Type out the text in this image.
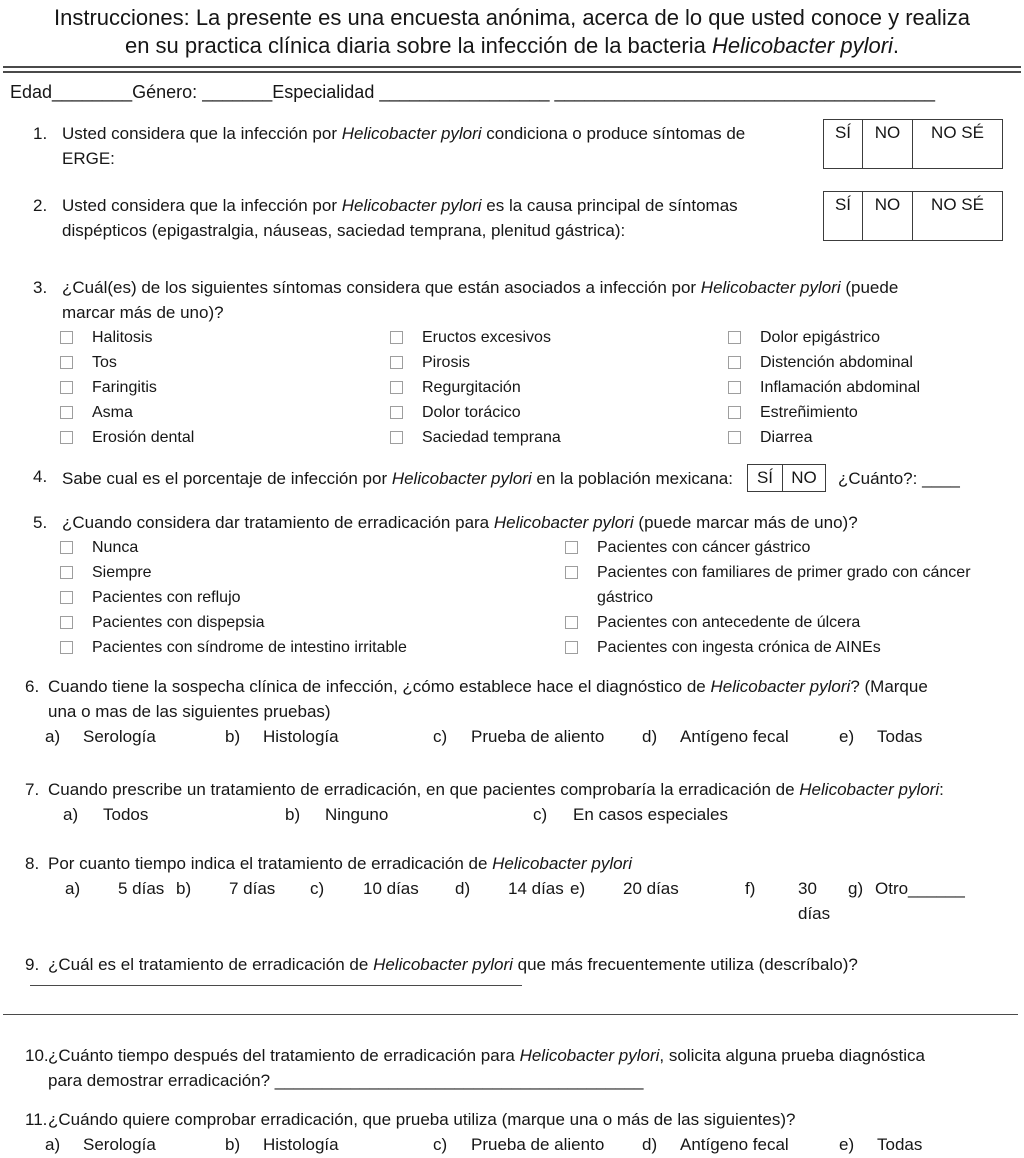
Instrucciones: La presente es una encuesta anónima, acerca de lo que usted conoce y realiza
en su practica clínica diaria sobre la infección de la bacteria Helicobacter pylori.
Edad________Género: _______Especialidad _________________ ______________________________________
1. Usted considera que la infección por Helicobacter pylori condiciona o produce síntomas de ERGE:
SÍ	NO	NO SÉ
2. Usted considera que la infección por Helicobacter pylori es la causa principal de síntomas dispépticos (epigastralgia, náuseas, saciedad temprana, plenitud gástrica):
SÍ	NO	NO SÉ
3. ¿Cuál(es) de los siguientes síntomas considera que están asociados a infección por Helicobacter pylori (puede marcar más de uno)?
Halitosis
Tos
Faringitis
Asma
Erosión dental
Eructos excesivos
Pirosis
Regurgitación
Dolor torácico
Saciedad temprana
Dolor epigástrico
Distención abdominal
Inflamación abdominal
Estreñimiento
Diarrea
4. Sabe cual es el porcentaje de infección por Helicobacter pylori en la población mexicana:	SÍ	NO	¿Cuánto?: ____
5. ¿Cuando considera dar tratamiento de erradicación para Helicobacter pylori (puede marcar más de uno)?
Nunca
Siempre
Pacientes con reflujo
Pacientes con dispepsia
Pacientes con síndrome de intestino irritable
Pacientes con cáncer gástrico
Pacientes con familiares de primer grado con cáncer gástrico
Pacientes con antecedente de úlcera
Pacientes con ingesta crónica de AINEs
6. Cuando tiene la sospecha clínica de infección, ¿cómo establece hace el diagnóstico de Helicobacter pylori? (Marque una o mas de las siguientes pruebas)
a)	Serología	b)	Histología	c)	Prueba de aliento d)	Antígeno fecal	e)	Todas
7. Cuando prescribe un tratamiento de erradicación, en que pacientes comprobaría la erradicación de Helicobacter pylori:
a)	Todos	b)	Ninguno	c)	En casos especiales
8. Por cuanto tiempo indica el tratamiento de erradicación de Helicobacter pylori
a)	5 días b)	7 días c)	10 días d)	14 días e)	20 días	f)	30 días
g) Otro______
9. ¿Cuál es el tratamiento de erradicación de Helicobacter pylori que más frecuentemente utiliza (descríbalo)?
10. ¿Cuánto tiempo después del tratamiento de erradicación para Helicobacter pylori, solicita alguna prueba diagnóstica para demostrar erradicación? _______________________________________
11. ¿Cuándo quiere comprobar erradicación, que prueba utiliza (marque una o más de las siguientes)?
a)	Serología	b)	Histología	c)	Prueba de aliento d)	Antígeno fecal	e)	Todas
